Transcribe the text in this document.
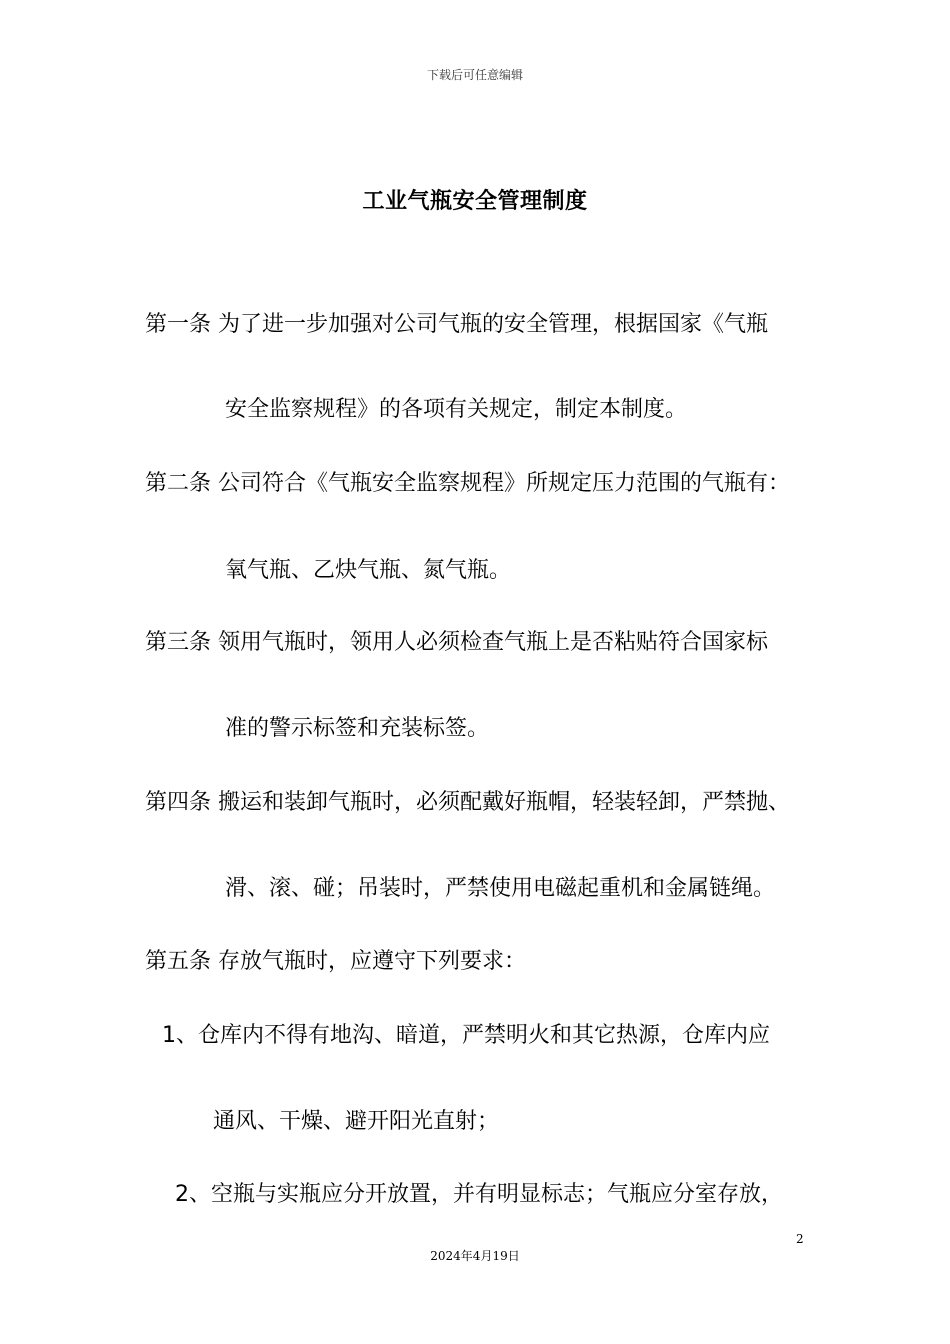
下载后可任意编辑
工业气瓶安全管理制度
第一条 为了进一步加强对公司气瓶的安全管理，根据国家《气瓶
安全监察规程》的各项有关规定，制定本制度。
第二条 公司符合《气瓶安全监察规程》所规定压力范围的气瓶有：
氧气瓶、乙炔气瓶、氮气瓶。
第三条 领用气瓶时，领用人必须检查气瓶上是否粘贴符合国家标
准的警示标签和充装标签。
第四条 搬运和装卸气瓶时，必须配戴好瓶帽，轻装轻卸，严禁抛、
滑、滚、碰；吊装时，严禁使用电磁起重机和金属链绳。
第五条 存放气瓶时，应遵守下列要求：
1、仓库内不得有地沟、暗道，严禁明火和其它热源，仓库内应
通风、干燥、避开阳光直射；
2、空瓶与实瓶应分开放置，并有明显标志；气瓶应分室存放，
2
2024年4月19日
